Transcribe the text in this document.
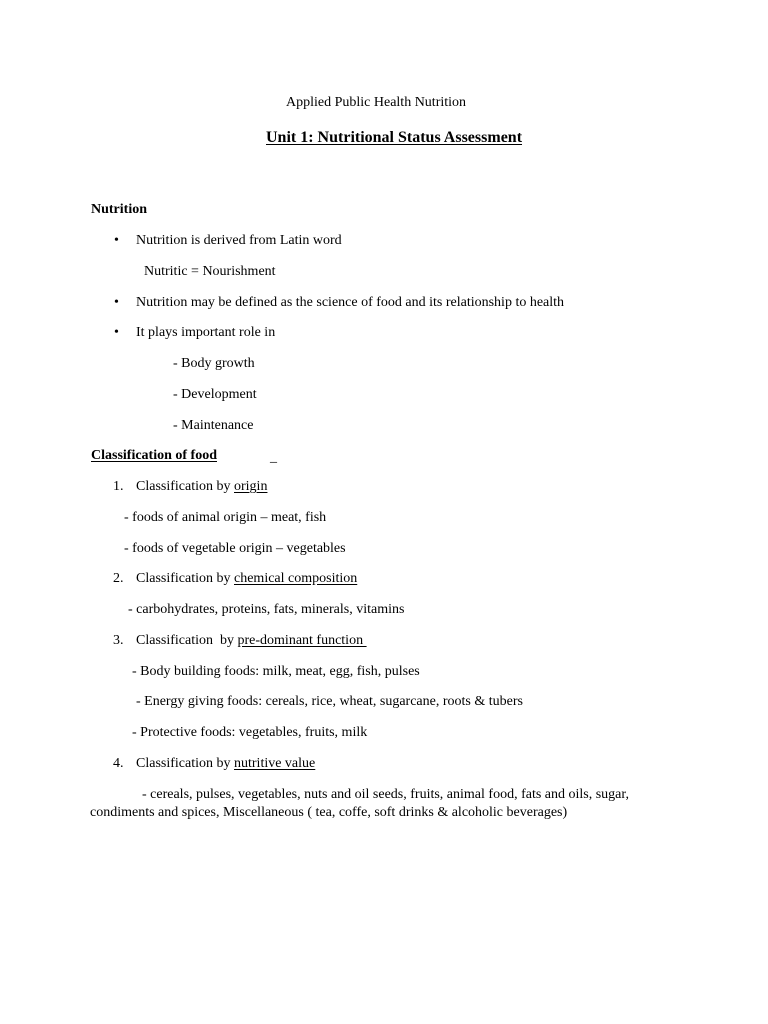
Applied Public Health Nutrition
Unit 1: Nutritional Status Assessment
Nutrition
• Nutrition is derived from Latin word
Nutritic = Nourishment
• Nutrition may be defined as the science of food and its relationship to health
• It plays important role in
- Body growth
- Development
- Maintenance
Classification of food	_
1. Classification by origin
- foods of animal origin – meat, fish
- foods of vegetable origin – vegetables
2. Classification by chemical composition
- carbohydrates, proteins, fats, minerals, vitamins
3. Classification  by pre-dominant function
- Body building foods: milk, meat, egg, fish, pulses
- Energy giving foods: cereals, rice, wheat, sugarcane, roots & tubers
- Protective foods: vegetables, fruits, milk
4. Classification by nutritive value
- cereals, pulses, vegetables, nuts and oil seeds, fruits, animal food, fats and oils, sugar, condiments and spices, Miscellaneous ( tea, coffe, soft drinks & alcoholic beverages)
